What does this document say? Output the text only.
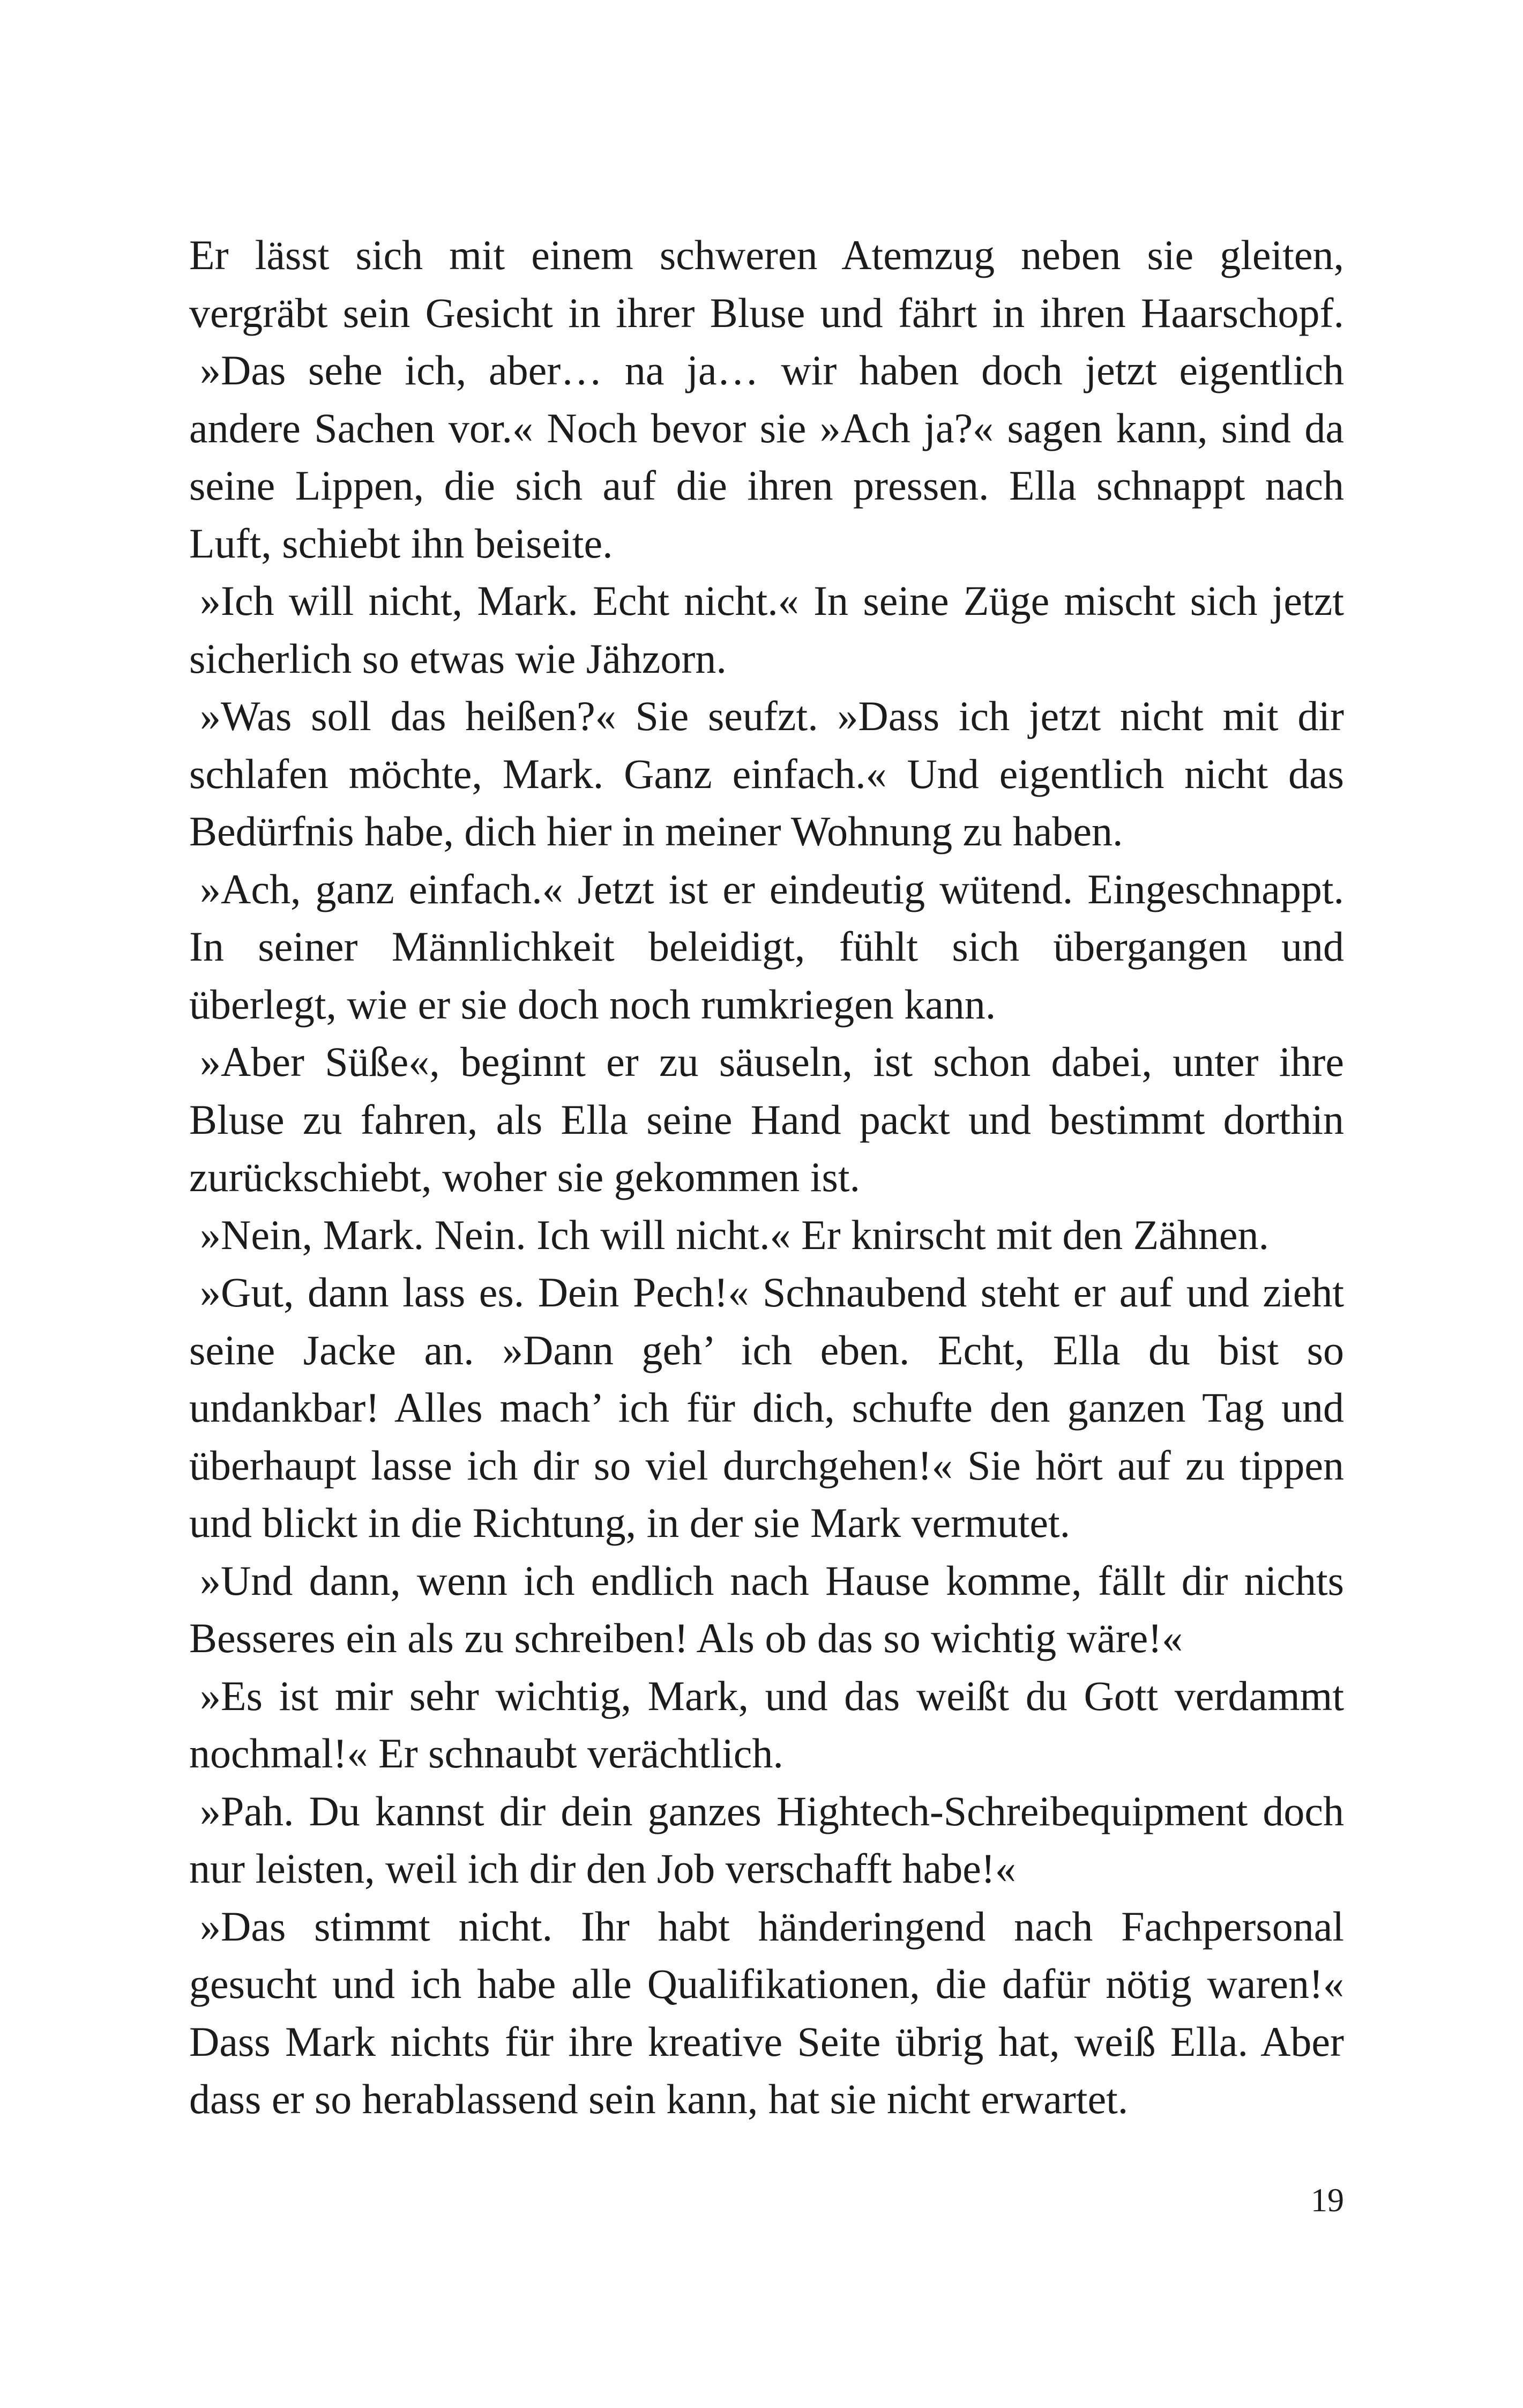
Er lässt sich mit einem schweren Atemzug neben sie gleiten,
vergräbt sein Gesicht in ihrer Bluse und fährt in ihren Haarschopf.
»Das sehe ich, aber… na ja… wir haben doch jetzt eigentlich
andere Sachen vor.« Noch bevor sie »Ach ja?« sagen kann, sind da
seine Lippen, die sich auf die ihren pressen. Ella schnappt nach
Luft, schiebt ihn beiseite.
»Ich will nicht, Mark. Echt nicht.« In seine Züge mischt sich jetzt
sicherlich so etwas wie Jähzorn.
»Was soll das heißen?« Sie seufzt. »Dass ich jetzt nicht mit dir
schlafen möchte, Mark. Ganz einfach.« Und eigentlich nicht das
Bedürfnis habe, dich hier in meiner Wohnung zu haben.
»Ach, ganz einfach.« Jetzt ist er eindeutig wütend. Eingeschnappt.
In seiner Männlichkeit beleidigt, fühlt sich übergangen und
überlegt, wie er sie doch noch rumkriegen kann.
»Aber Süße«, beginnt er zu säuseln, ist schon dabei, unter ihre
Bluse zu fahren, als Ella seine Hand packt und bestimmt dorthin
zurückschiebt, woher sie gekommen ist.
»Nein, Mark. Nein. Ich will nicht.« Er knirscht mit den Zähnen.
»Gut, dann lass es. Dein Pech!« Schnaubend steht er auf und zieht
seine Jacke an. »Dann geh’ ich eben. Echt, Ella du bist so
undankbar! Alles mach’ ich für dich, schufte den ganzen Tag und
überhaupt lasse ich dir so viel durchgehen!« Sie hört auf zu tippen
und blickt in die Richtung, in der sie Mark vermutet.
»Und dann, wenn ich endlich nach Hause komme, fällt dir nichts
Besseres ein als zu schreiben! Als ob das so wichtig wäre!«
»Es ist mir sehr wichtig, Mark, und das weißt du Gott verdammt
nochmal!« Er schnaubt verächtlich.
»Pah. Du kannst dir dein ganzes Hightech-Schreibequipment doch
nur leisten, weil ich dir den Job verschafft habe!«
»Das stimmt nicht. Ihr habt händeringend nach Fachpersonal
gesucht und ich habe alle Qualifikationen, die dafür nötig waren!«
Dass Mark nichts für ihre kreative Seite übrig hat, weiß Ella. Aber
dass er so herablassend sein kann, hat sie nicht erwartet.
19
